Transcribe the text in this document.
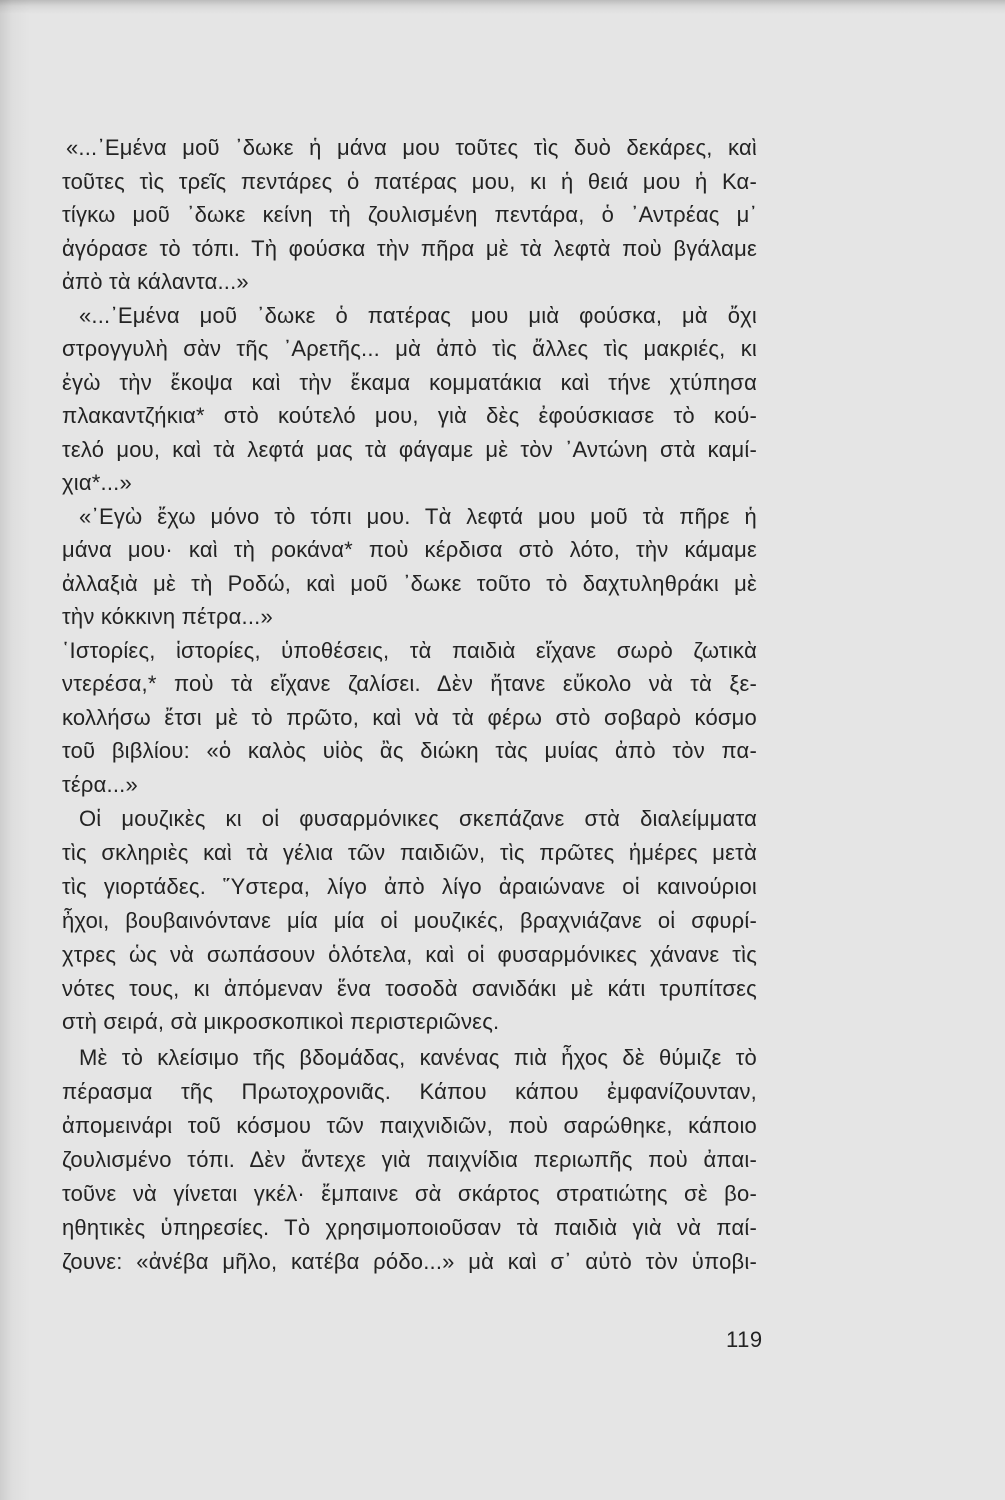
«...᾿Εμένα μοῦ ᾿δωκε ἡ μάνα μου τοῦτες τὶς δυὸ δεκάρες, καὶ
τοῦτες τὶς τρεῖς πεντάρες ὁ πατέρας μου, κι ἡ θειά μου ἡ Κα-
τίγκω μοῦ ᾿δωκε κείνη τὴ ζουλισμένη πεντάρα, ὁ ᾿Αντρέας μ᾿
ἀγόρασε τὸ τόπι. Τὴ φούσκα τὴν πῆρα μὲ τὰ λεφτὰ ποὺ βγάλαμε
ἀπὸ τὰ κάλαντα...»
«...᾿Εμένα μοῦ ᾿δωκε ὁ πατέρας μου μιὰ φούσκα, μὰ ὄχι
στρογγυλὴ σὰν τῆς ᾿Αρετῆς... μὰ ἀπὸ τὶς ἄλλες τὶς μακριές, κι
ἐγὼ τὴν ἔκοψα καὶ τὴν ἔκαμα κομματάκια καὶ τήνε χτύπησα
πλακαντζήκια* στὸ κούτελό μου, γιὰ δὲς ἐφούσκιασε τὸ κού-
τελό μου, καὶ τὰ λεφτά μας τὰ φάγαμε μὲ τὸν ᾿Αντώνη στὰ καμί-
χια*...»
«᾿Εγὼ ἔχω μόνο τὸ τόπι μου. Τὰ λεφτά μου μοῦ τὰ πῆρε ἡ
μάνα μου· καὶ τὴ ροκάνα* ποὺ κέρδισα στὸ λότο, τὴν κάμαμε
ἀλλαξιὰ μὲ τὴ Ροδώ, καὶ μοῦ ᾿δωκε τοῦτο τὸ δαχτυληθράκι μὲ
τὴν κόκκινη πέτρα...»
῾Ιστορίες, ἱστορίες, ὑποθέσεις, τὰ παιδιὰ εἴχανε σωρὸ ζωτικὰ
ντερέσα,* ποὺ τὰ εἴχανε ζαλίσει. Δὲν ἤτανε εὔκολο νὰ τὰ ξε-
κολλήσω ἔτσι μὲ τὸ πρῶτο, καὶ νὰ τὰ φέρω στὸ σοβαρὸ κόσμο
τοῦ βιβλίου: «ὁ καλὸς υἱὸς ἂς διώκη τὰς μυίας ἀπὸ τὸν πα-
τέρα...»
Οἱ μουζικὲς κι οἱ φυσαρμόνικες σκεπάζανε στὰ διαλείμματα
τὶς σκληριὲς καὶ τὰ γέλια τῶν παιδιῶν, τὶς πρῶτες ἡμέρες μετὰ
τὶς γιορτάδες. Ὕστερα, λίγο ἀπὸ λίγο ἀραιώνανε οἱ καινούριοι
ἦχοι, βουβαινόντανε μία μία οἱ μουζικές, βραχνιάζανε οἱ σφυρί-
χτρες ὡς νὰ σωπάσουν ὁλότελα, καὶ οἱ φυσαρμόνικες χάνανε τὶς
νότες τους, κι ἀπόμεναν ἕνα τοσοδὰ σανιδάκι μὲ κάτι τρυπίτσες
στὴ σειρά, σὰ μικροσκοπικοὶ περιστεριῶνες.
Μὲ τὸ κλείσιμο τῆς βδομάδας, κανένας πιὰ ἦχος δὲ θύμιζε τὸ
πέρασμα τῆς Πρωτοχρονιᾶς. Κάπου κάπου ἐμφανίζουνταν,
ἀπομεινάρι τοῦ κόσμου τῶν παιχνιδιῶν, ποὺ σαρώθηκε, κάποιο
ζουλισμένο τόπι. Δὲν ἄντεχε γιὰ παιχνίδια περιωπῆς ποὺ ἀπαι-
τοῦνε νὰ γίνεται γκέλ· ἔμπαινε σὰ σκάρτος στρατιώτης σὲ βο-
ηθητικὲς ὑπηρεσίες. Τὸ χρησιμοποιοῦσαν τὰ παιδιὰ γιὰ νὰ παί-
ζουνε: «ἀνέβα μῆλο, κατέβα ρόδο...» μὰ καὶ σ᾿ αὐτὸ τὸν ὑποβι-
119
